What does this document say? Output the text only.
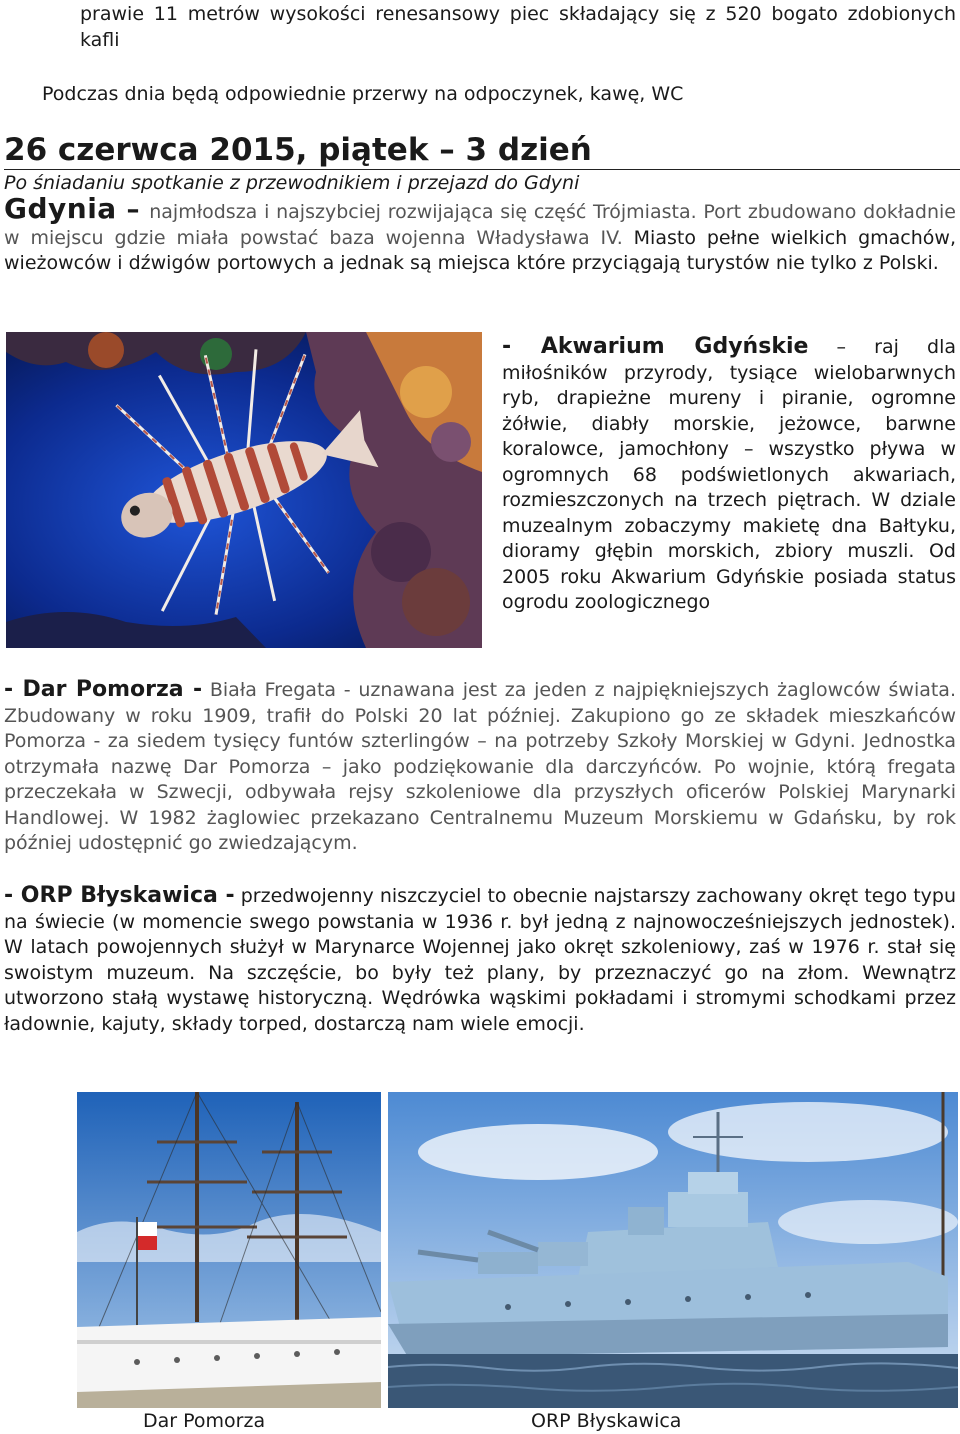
prawie 11 metrów wysokości renesansowy piec składający się z 520 bogato zdobionych kafli

Podczas dnia będą odpowiednie przerwy na odpoczynek, kawę, WC
26 czerwca 2015, piątek – 3 dzień
Po śniadaniu spotkanie z przewodnikiem i przejazd do Gdyni

Gdynia – najmłodsza i najszybciej rozwijająca się część Trójmiasta. Port zbudowano dokładnie w miejscu gdzie miała powstać baza wojenna Władysława IV. Miasto pełne wielkich gmachów, wieżowców i dźwigów portowych a jednak są miejsca które przyciągają turystów nie tylko z Polski.

- Akwarium Gdyńskie – raj dla miłośników przyrody, tysiące wielobarwnych ryb, drapieżne mureny i piranie, ogromne żółwie, diabły morskie, jeżowce, barwne koralowce, jamochłony – wszystko pływa w ogromnych 68 podświetlonych akwariach, rozmieszczonych na trzech piętrach. W dziale muzealnym zobaczymy makietę dna Bałtyku, dioramy głębin morskich, zbiory muszli. Od 2005 roku Akwarium Gdyńskie posiada status ogrodu zoologicznego

- Dar Pomorza - Biała Fregata - uznawana jest za jeden z najpiękniejszych żaglowców świata. Zbudowany w roku 1909, trafił do Polski 20 lat później. Zakupiono go ze składek mieszkańców Pomorza - za siedem tysięcy funtów szterlingów – na potrzeby Szkoły Morskiej w Gdyni. Jednostka otrzymała nazwę Dar Pomorza – jako podziękowanie dla darczyńców. Po wojnie, którą fregata przeczekała w Szwecji, odbywała rejsy szkoleniowe dla przyszłych oficerów Polskiej Marynarki Handlowej. W 1982 żaglowiec przekazano Centralnemu Muzeum Morskiemu w Gdańsku, by rok później udostępnić go zwiedzającym.

- ORP Błyskawica - przedwojenny niszczyciel to obecnie najstarszy zachowany okręt tego typu na świecie (w momencie swego powstania w 1936 r. był jedną z najnowocześniejszych jednostek). W latach powojennych służył w Marynarce Wojennej jako okręt szkoleniowy, zaś w 1976 r. stał się swoistym muzeum. Na szczęście, bo były też plany, by przeznaczyć go na złom. Wewnątrz utworzono stałą wystawę historyczną. Wędrówka wąskimi pokładami i stromymi schodkami przez ładownie, kajuty, składy torped, dostarczą nam wiele emocji.

Dar Pomorza	ORP Błyskawica
